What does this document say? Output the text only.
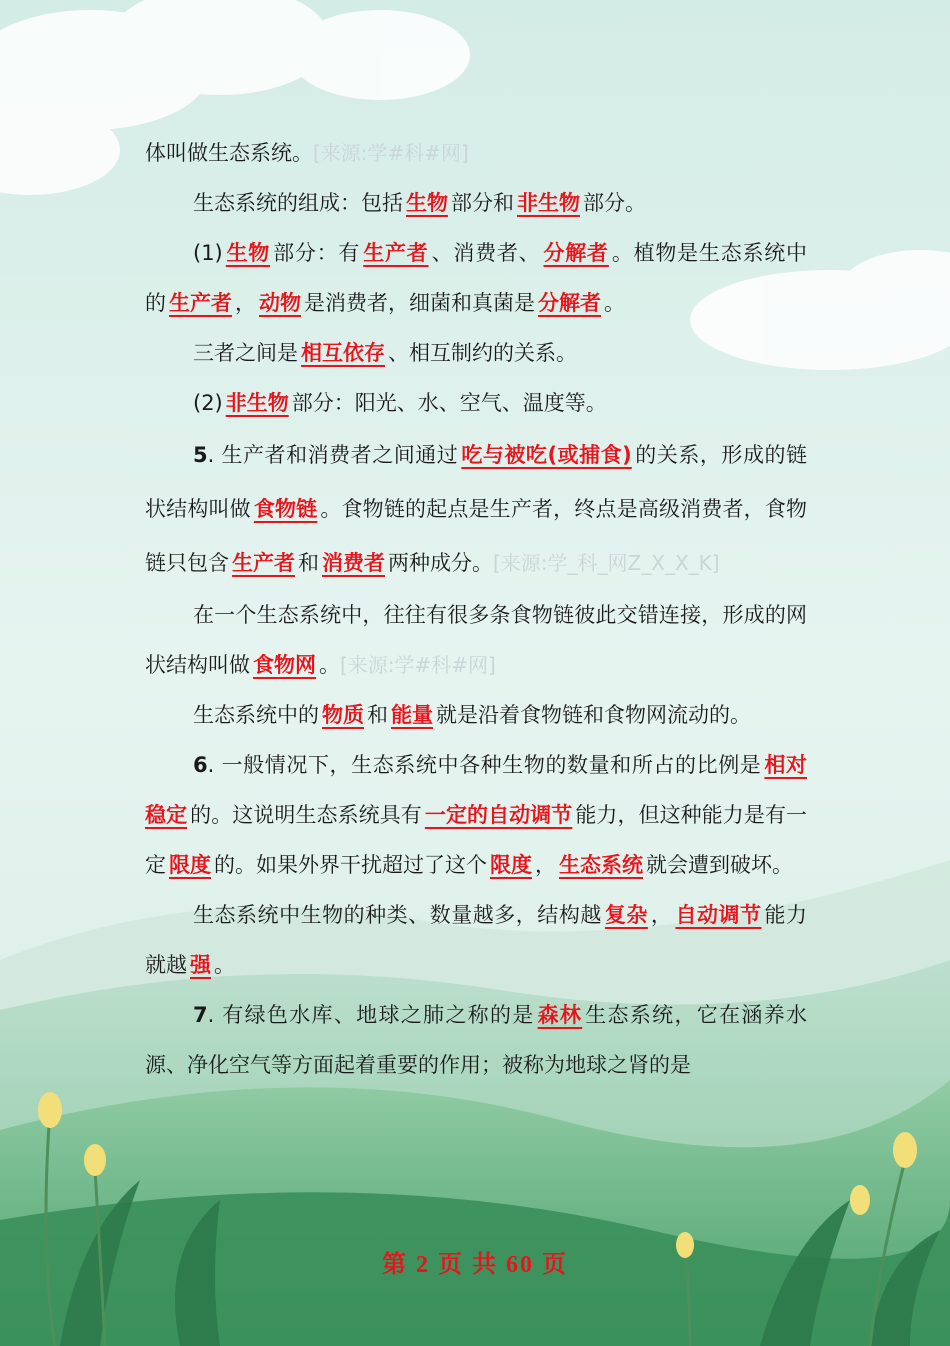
体叫做生态系统。[来源:学#科#网]

生态系统的组成：包括 生物 部分和 非生物 部分。

(1) 生物 部分：有 生产者 、消费者、 分解者 。植物是生态系统中的 生产者 ， 动物 是消费者，细菌和真菌是 分解者 。

三者之间是 相互依存 、相互制约的关系。

(2) 非生物 部分：阳光、水、空气、温度等。

5. 生产者和消费者之间通过 吃与被吃(或捕食) 的关系，形成的链状结构叫做 食物链 。食物链的起点是生产者，终点是高级消费者，食物链只包含 生产者 和 消费者 两种成分。[来源:学_科_网Z_X_X_K]

在一个生态系统中，往往有很多条食物链彼此交错连接，形成的网状结构叫做 食物网 。[来源:学#科#网]

生态系统中的 物质 和 能量 就是沿着食物链和食物网流动的。

6. 一般情况下，生态系统中各种生物的数量和所占的比例是 相对稳定 的。这说明生态系统具有 一定的自动调节 能力，但这种能力是有一定 限度 的。如果外界干扰超过了这个 限度 ， 生态系统 就会遭到破坏。

生态系统中生物的种类、数量越多，结构越 复杂 ， 自动调节 能力就越 强 。

7. 有绿色水库、地球之肺之称的是 森林 生态系统，它在涵养水源、净化空气等方面起着重要的作用；被称为地球之肾的是

第 2 页 共 60 页
